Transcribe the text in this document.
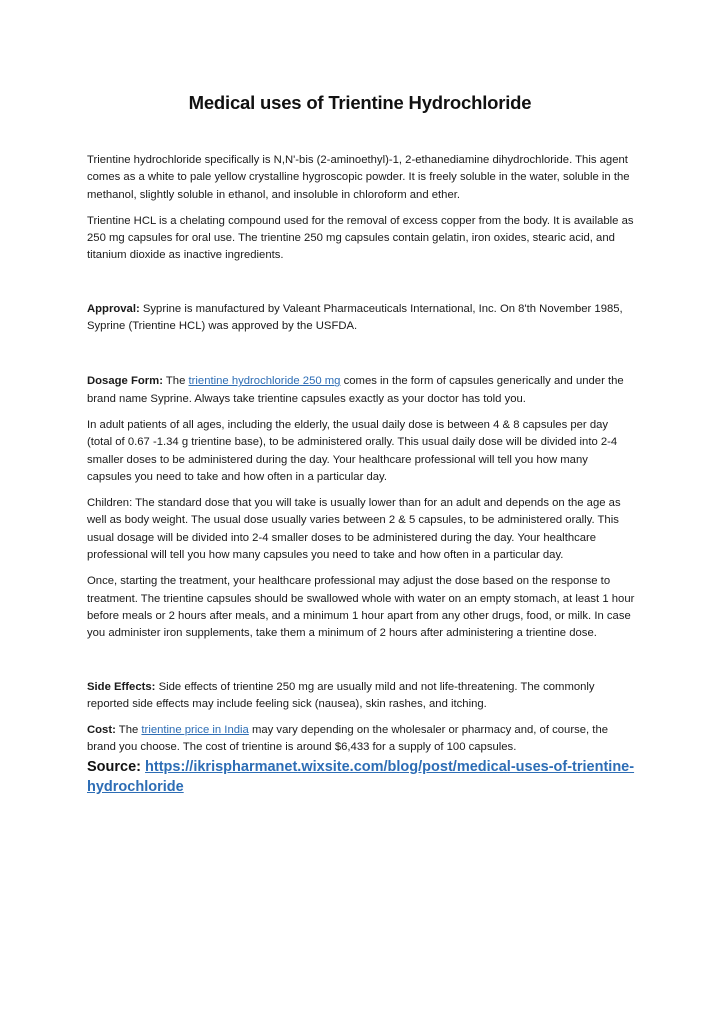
Medical uses of Trientine Hydrochloride

Trientine hydrochloride specifically is N,N'-bis (2-aminoethyl)-1, 2-ethanediamine dihydrochloride. This agent comes as a white to pale yellow crystalline hygroscopic powder. It is freely soluble in the water, soluble in the methanol, slightly soluble in ethanol, and insoluble in chloroform and ether.

Trientine HCL is a chelating compound used for the removal of excess copper from the body. It is available as 250 mg capsules for oral use. The trientine 250 mg capsules contain gelatin, iron oxides, stearic acid, and titanium dioxide as inactive ingredients.

Approval: Syprine is manufactured by Valeant Pharmaceuticals International, Inc. On 8'th November 1985, Syprine (Trientine HCL) was approved by the USFDA.

Dosage Form: The trientine hydrochloride 250 mg comes in the form of capsules generically and under the brand name Syprine. Always take trientine capsules exactly as your doctor has told you.

In adult patients of all ages, including the elderly, the usual daily dose is between 4 & 8 capsules per day (total of 0.67 -1.34 g trientine base), to be administered orally. This usual daily dose will be divided into 2-4 smaller doses to be administered during the day. Your healthcare professional will tell you how many capsules you need to take and how often in a particular day.

Children: The standard dose that you will take is usually lower than for an adult and depends on the age as well as body weight. The usual dose usually varies between 2 & 5 capsules, to be administered orally. This usual dosage will be divided into 2-4 smaller doses to be administered during the day. Your healthcare professional will tell you how many capsules you need to take and how often in a particular day.

Once, starting the treatment, your healthcare professional may adjust the dose based on the response to treatment. The trientine capsules should be swallowed whole with water on an empty stomach, at least 1 hour before meals or 2 hours after meals, and a minimum 1 hour apart from any other drugs, food, or milk. In case you administer iron supplements, take them a minimum of 2 hours after administering a trientine dose.

Side Effects: Side effects of trientine 250 mg are usually mild and not life-threatening. The commonly reported side effects may include feeling sick (nausea), skin rashes, and itching.

Cost: The trientine price in India may vary depending on the wholesaler or pharmacy and, of course, the brand you choose. The cost of trientine is around $6,433 for a supply of 100 capsules.

Source: https://ikrispharmanet.wixsite.com/blog/post/medical-uses-of-trientine-hydrochloride
